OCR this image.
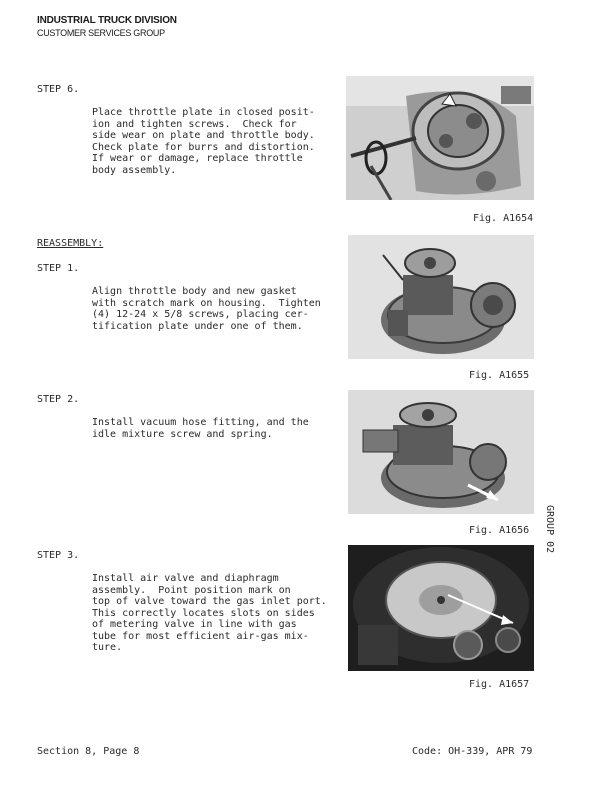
INDUSTRIAL TRUCK DIVISION
CUSTOMER SERVICES GROUP
STEP 6.

Place throttle plate in closed posit-
ion and tighten screws.  Check for
side wear on plate and throttle body.
Check plate for burrs and distortion.
If wear or damage, replace throttle
body assembly.

Fig. A1654
REASSEMBLY:
STEP 1.

Align throttle body and new gasket
with scratch mark on housing.  Tighten
(4) 12-24 x 5/8 screws, placing cer-
tification plate under one of them.

Fig. A1655
STEP 2.

Install vacuum hose fitting, and the
idle mixture screw and spring.

Fig. A1656 GROUP 02
STEP 3.

Install air valve and diaphragm
assembly.  Point position mark on
top of valve toward the gas inlet port.
This correctly locates slots on sides
of metering valve in line with gas
tube for most efficient air-gas mix-
ture.

Fig. A1657
Section 8, Page 8	Code: OH-339, APR 79
